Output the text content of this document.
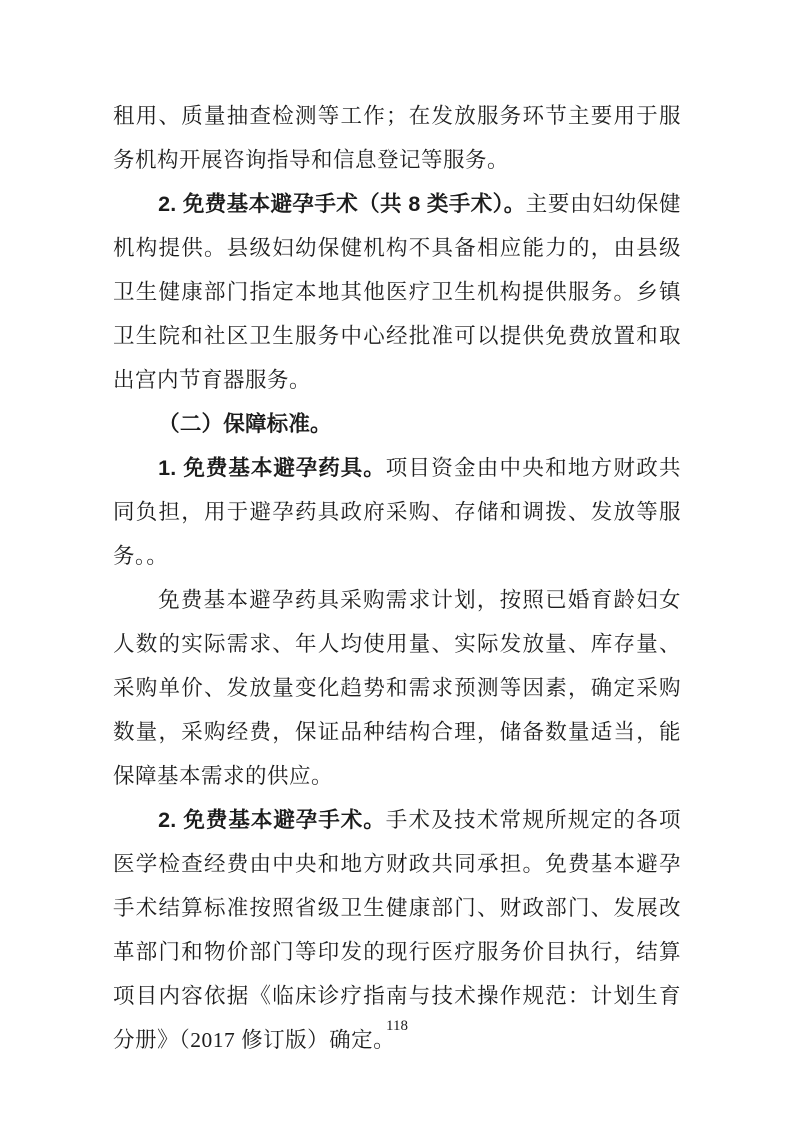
租用、质量抽查检测等工作；在发放服务环节主要用于服务机构开展咨询指导和信息登记等服务。

2. 免费基本避孕手术（共 8 类手术）。主要由妇幼保健机构提供。县级妇幼保健机构不具备相应能力的，由县级卫生健康部门指定本地其他医疗卫生机构提供服务。乡镇卫生院和社区卫生服务中心经批准可以提供免费放置和取出宫内节育器服务。

（二）保障标准。

1. 免费基本避孕药具。项目资金由中央和地方财政共同负担，用于避孕药具政府采购、存储和调拨、发放等服务。。

免费基本避孕药具采购需求计划，按照已婚育龄妇女人数的实际需求、年人均使用量、实际发放量、库存量、采购单价、发放量变化趋势和需求预测等因素，确定采购数量，采购经费，保证品种结构合理，储备数量适当，能保障基本需求的供应。

2. 免费基本避孕手术。手术及技术常规所规定的各项医学检查经费由中央和地方财政共同承担。免费基本避孕手术结算标准按照省级卫生健康部门、财政部门、发展改革部门和物价部门等印发的现行医疗服务价目执行，结算项目内容依据《临床诊疗指南与技术操作规范：计划生育分册》（2017 修订版）确定。

118
